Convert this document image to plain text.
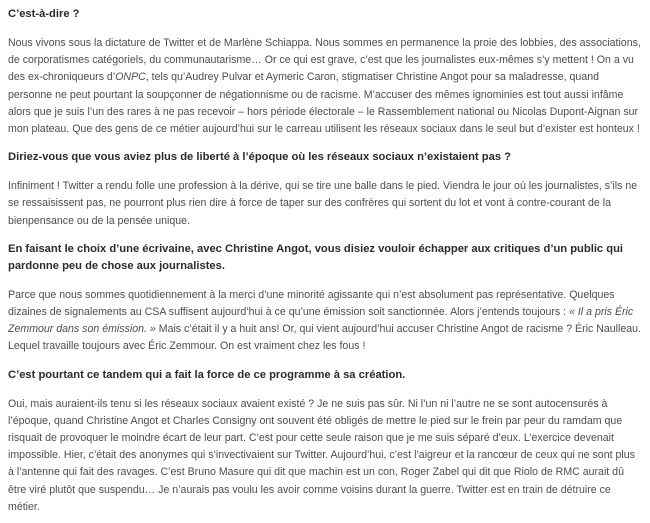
C’est-à-dire ?

Nous vivons sous la dictature de Twitter et de Marlène Schiappa. Nous sommes en permanence la proie des lobbies, des associations, de corporatismes catégoriels, du communautarisme… Or ce qui est grave, c’est que les journalistes eux-mêmes s’y mettent ! On a vu des ex-chroniqueurs d’ONPC, tels qu’Audrey Pulvar et Aymeric Caron, stigmatiser Christine Angot pour sa maladresse, quand personne ne peut pourtant la soupçonner de négationnisme ou de racisme. M’accuser des mêmes ignominies est tout aussi infâme alors que je suis l’un des rares à ne pas recevoir – hors période électorale – le Rassemblement national ou Nicolas Dupont-Aignan sur mon plateau. Que des gens de ce métier aujourd’hui sur le carreau utilisent les réseaux sociaux dans le seul but d’exister est honteux !

Diriez-vous que vous aviez plus de liberté à l’époque où les réseaux sociaux n’existaient pas ?

Infiniment ! Twitter a rendu folle une profession à la dérive, qui se tire une balle dans le pied. Viendra le jour où les journalistes, s’ils ne se ressaisissent pas, ne pourront plus rien dire à force de taper sur des confrères qui sortent du lot et vont à contre-courant de la bienpensance ou de la pensée unique.

En faisant le choix d’une écrivaine, avec Christine Angot, vous disiez vouloir échapper aux critiques d’un public qui pardonne peu de chose aux journalistes.

Parce que nous sommes quotidiennement à la merci d’une minorité agissante qui n’est absolument pas représentative. Quelques dizaines de signalements au CSA suffisent aujourd’hui à ce qu’une émission soit sanctionnée. Alors j’entends toujours : « Il a pris Éric Zemmour dans son émission. » Mais c’était il y a huit ans! Or, qui vient aujourd’hui accuser Christine Angot de racisme ? Éric Naulleau. Lequel travaille toujours avec Éric Zemmour. On est vraiment chez les fous !

C’est pourtant ce tandem qui a fait la force de ce programme à sa création.

Oui, mais auraient-ils tenu si les réseaux sociaux avaient existé ? Je ne suis pas sûr. Ni l’un ni l’autre ne se sont autocensurés à l’époque, quand Christine Angot et Charles Consigny ont souvent été obligés de mettre le pied sur le frein par peur du ramdam que risquait de provoquer le moindre écart de leur part. C’est pour cette seule raison que je me suis séparé d’eux. L’exercice devenait impossible. Hier, c’était des anonymes qui s’invectivaient sur Twitter. Aujourd’hui, c’est l’aigreur et la rancœur de ceux qui ne sont plus à l’antenne qui fait des ravages. C’est Bruno Masure qui dit que machin est un con, Roger Zabel qui dit que Riolo de RMC aurait dû être viré plutôt que suspendu… Je n’aurais pas voulu les avoir comme voisins durant la guerre. Twitter est en train de détruire ce métier.
